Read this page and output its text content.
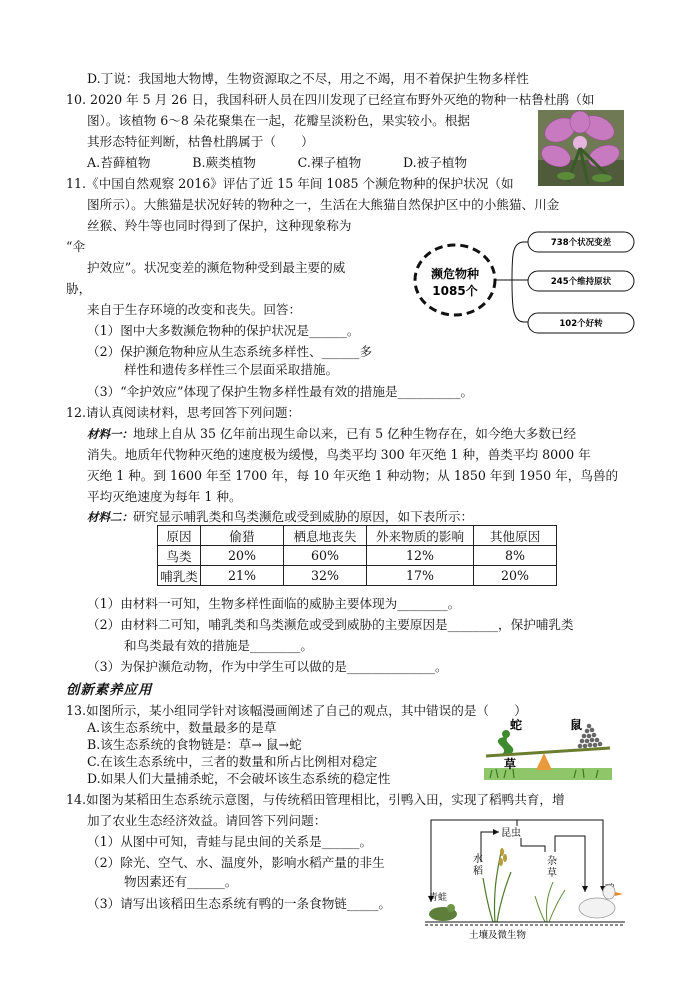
D.丁说：我国地大物博，生物资源取之不尽，用之不竭，用不着保护生物多样性
10. 2020 年 5 月 26 日，我国科研人员在四川发现了已经宣布野外灭绝的物种一枯鲁杜鹃（如
图）。该植物 6～8 朵花聚集在一起，花瓣呈淡粉色，果实较小。根据
其形态特征判断，枯鲁杜鹃属于（　　）
A.苔藓植物　　　 B.蕨类植物　　　 C.裸子植物　　　 D.被子植物
11.《中国自然观察 2016》评估了近 15 年间 1085 个濒危物种的保护状况（如
图所示）。大熊猫是状况好转的物种之一，生活在大熊猫自然保护区中的小熊猫、川金
丝猴、羚牛等也同时得到了保护，这种现象称为
“伞
护效应”。状况变差的濒危物种受到最主要的威
胁，
来自于生存环境的改变和丧失。回答：
（1）图中大多数濒危物种的保护状况是______。
（2）保护濒危物种应从生态系统多样性、______多
样性和遗传多样性三个层面采取措施。
（3）“伞护效应”体现了保护生物多样性最有效的措施是__________。
12.请认真阅读材料，思考回答下列问题：
材料一：地球上自从 35 亿年前出现生命以来，已有 5 亿种生物存在，如今绝大多数已经
消失。地质年代物种灭绝的速度极为缓慢，鸟类平均 300 年灭绝 1 种，兽类平均 8000 年
灭绝 1 种。到 1600 年至 1700 年，每 10 年灭绝 1 种动物；从 1850 年到 1950 年，鸟兽的
平均灭绝速度为每年 1 种。
材料二：研究显示哺乳类和鸟类濒危或受到威胁的原因，如下表所示：
原因	偷猎	栖息地丧失	外来物质的影响	其他原因
鸟类	20%	60%	12%	8%
哺乳类	21%	32%	17%	20%
（1）由材料一可知，生物多样性面临的威胁主要体现为________。
（2）由材料二可知，哺乳类和鸟类濒危或受到威胁的主要原因是________，保护哺乳类
和鸟类最有效的措施是________。
（3）为保护濒危动物，作为中学生可以做的是______________。
创新素养应用
13.如图所示，某小组同学针对该幅漫画阐述了自己的观点，其中错误的是（　　）
A.该生态系统中，数量最多的是草
B.该生态系统的食物链是：草→ 鼠→蛇
C.在该生态系统中，三者的数量和所占比例相对稳定
D.如果人们大量捕杀蛇，不会破坏该生态系统的稳定性
14.如图为某稻田生态系统示意图，与传统稻田管理相比，引鸭入田，实现了稻鸭共育，增
加了农业生态经济效益。请回答下列问题：
（1）从图中可知，青蛙与昆虫间的关系是______。
（2）除光、空气、水、温度外，影响水稻产量的非生
物因素还有______。
（3）请写出该稻田生态系统有鸭的一条食物链_____。
濒危物种
1085个
738个状况变差
245个维持原状
102个好转
蛇	鼠
草
昆虫
水稻
杂草
青蛙
土壤及微生物
